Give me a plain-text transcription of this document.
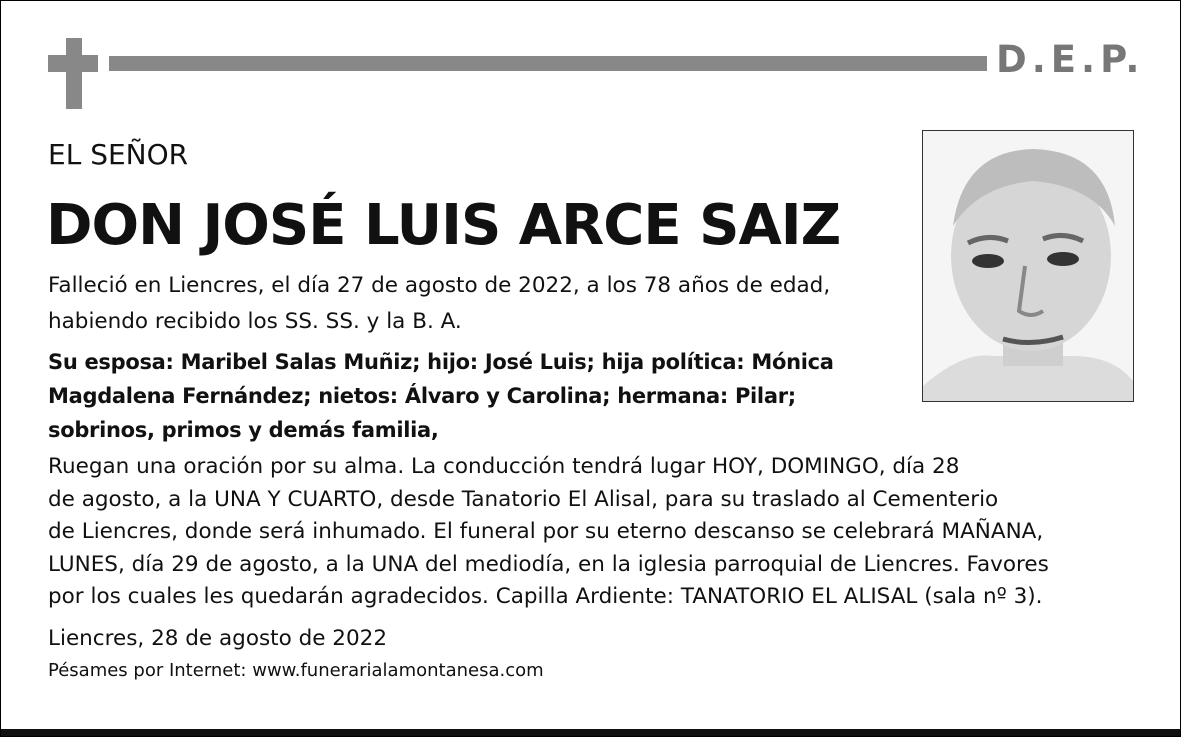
D.E.P.
EL SEÑOR
DON JOSÉ LUIS ARCE SAIZ
Falleció en Liencres, el día 27 de agosto de 2022, a los 78 años de edad,
habiendo recibido los SS. SS. y la B. A.
Su esposa: Maribel Salas Muñiz; hijo: José Luis; hija política: Mónica
Magdalena Fernández; nietos: Álvaro y Carolina; hermana: Pilar;
sobrinos, primos y demás familia,
Ruegan una oración por su alma. La conducción tendrá lugar HOY, DOMINGO, día 28
de agosto, a la UNA Y CUARTO, desde Tanatorio El Alisal, para su traslado al Cementerio
de Liencres, donde será inhumado. El funeral por su eterno descanso se celebrará MAÑANA,
LUNES, día 29 de agosto, a la UNA del mediodía, en la iglesia parroquial de Liencres. Favores
por los cuales les quedarán agradecidos. Capilla Ardiente: TANATORIO EL ALISAL (sala nº 3).
Liencres, 28 de agosto de 2022
Pésames por Internet: www.funerarialamontanesa.com
